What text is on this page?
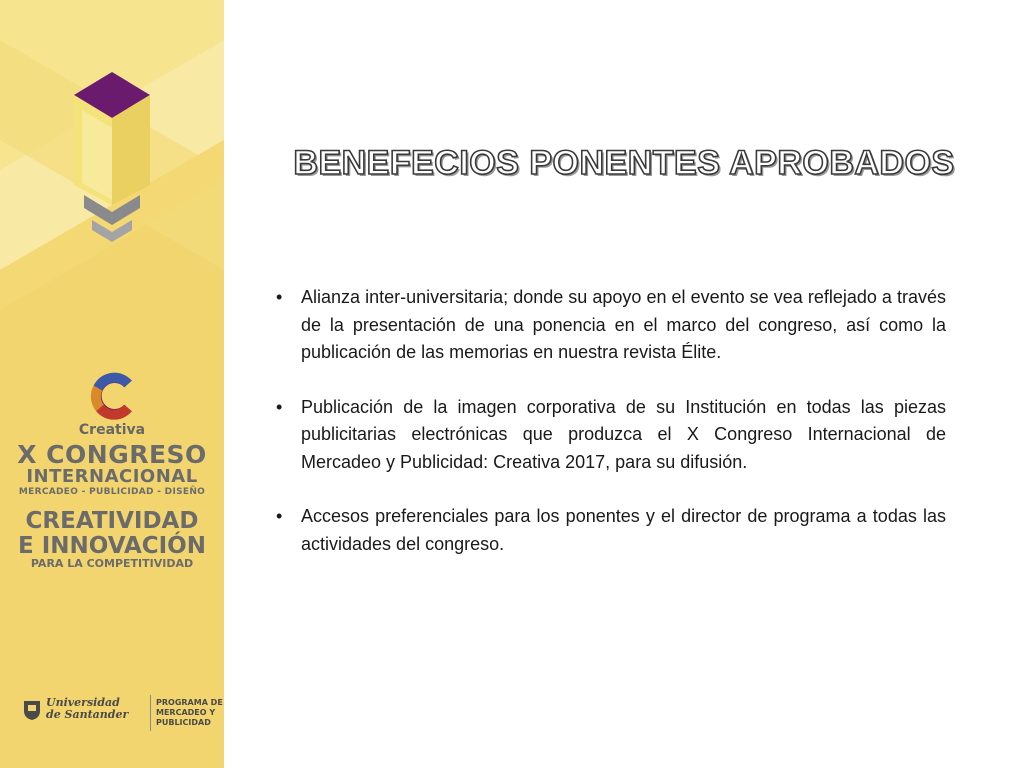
Creativa
X CONGRESO
INTERNACIONAL
MERCADEO - PUBLICIDAD - DISEÑO
CREATIVIDAD
E INNOVACIÓN
PARA LA COMPETITIVIDAD
Universidad
de Santander
PROGRAMA DE
MERCADEO Y
PUBLICIDAD
BENEFECIOS PONENTES APROBADOS

• Alianza inter-universitaria; donde su apoyo en el evento se vea reflejado a través de la presentación de una ponencia en el marco del congreso, así como la publicación de las memorias en nuestra revista Élite.

• Publicación de la imagen corporativa de su Institución en todas las piezas publicitarias electrónicas que produzca el X Congreso Internacional de Mercadeo y Publicidad: Creativa 2017, para su difusión.

• Accesos preferenciales para los ponentes y el director de programa a todas las actividades del congreso.
